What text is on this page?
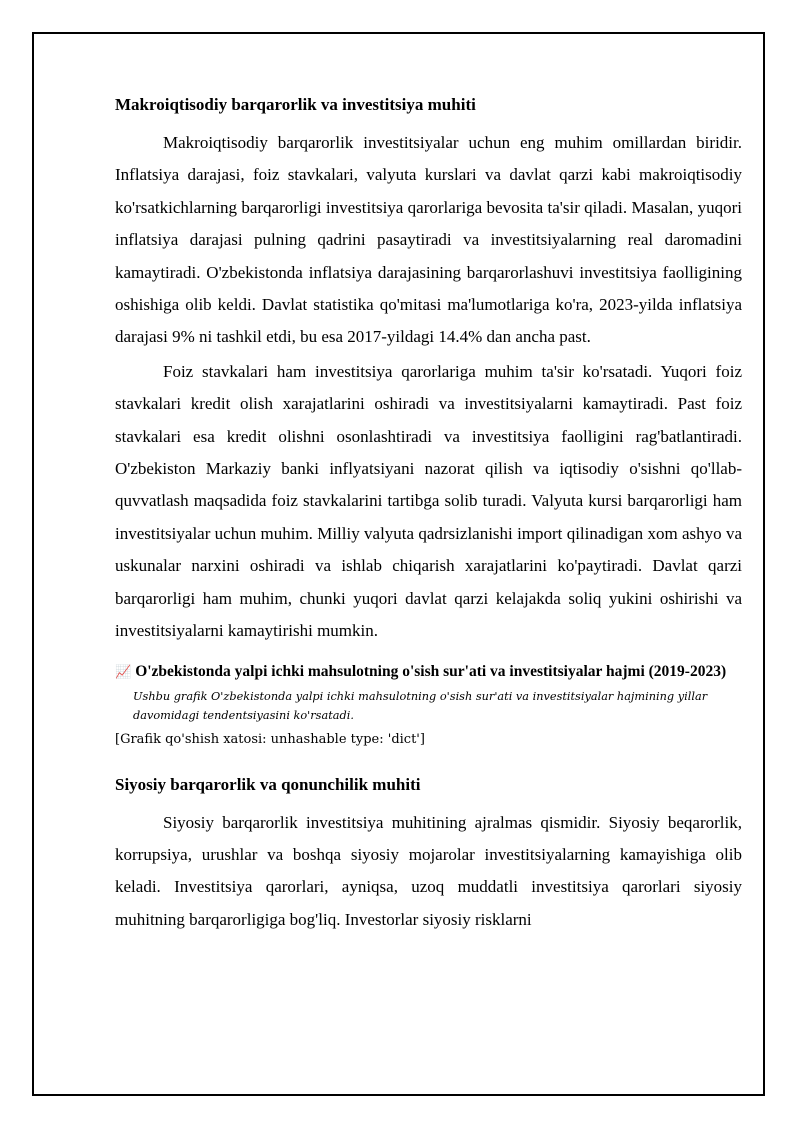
Makroiqtisodiy barqarorlik va investitsiya muhiti

Makroiqtisodiy barqarorlik investitsiyalar uchun eng muhim omillardan biridir. Inflatsiya darajasi, foiz stavkalari, valyuta kurslari va davlat qarzi kabi makroiqtisodiy ko'rsatkichlarning barqarorligi investitsiya qarorlariga bevosita ta'sir qiladi. Masalan, yuqori inflatsiya darajasi pulning qadrini pasaytiradi va investitsiyalarning real daromadini kamaytiradi. O'zbekistonda inflatsiya darajasining barqarorlashuvi investitsiya faolligining oshishiga olib keldi. Davlat statistika qo'mitasi ma'lumotlariga ko'ra, 2023-yilda inflatsiya darajasi 9% ni tashkil etdi, bu esa 2017-yildagi 14.4% dan ancha past.

Foiz stavkalari ham investitsiya qarorlariga muhim ta'sir ko'rsatadi. Yuqori foiz stavkalari kredit olish xarajatlarini oshiradi va investitsiyalarni kamaytiradi. Past foiz stavkalari esa kredit olishni osonlashtiradi va investitsiya faolligini rag'batlantiradi. O'zbekiston Markaziy banki inflyatsiyani nazorat qilish va iqtisodiy o'sishni qo'llab-quvvatlash maqsadida foiz stavkalarini tartibga solib turadi. Valyuta kursi barqarorligi ham investitsiyalar uchun muhim. Milliy valyuta qadrsizlanishi import qilinadigan xom ashyo va uskunalar narxini oshiradi va ishlab chiqarish xarajatlarini ko'paytiradi. Davlat qarzi barqarorligi ham muhim, chunki yuqori davlat qarzi kelajakda soliq yukini oshirishi va investitsiyalarni kamaytirishi mumkin.

📈 O'zbekistonda yalpi ichki mahsulotning o'sish sur'ati va investitsiyalar hajmi (2019-2023)
Ushbu grafik O'zbekistonda yalpi ichki mahsulotning o'sish sur'ati va investitsiyalar hajmining yillar davomidagi tendentsiyasini ko'rsatadi.
[Grafik qo'shish xatosi: unhashable type: 'dict']
Siyosiy barqarorlik va qonunchilik muhiti

Siyosiy barqarorlik investitsiya muhitining ajralmas qismidir. Siyosiy beqarorlik, korrupsiya, urushlar va boshqa siyosiy mojarolar investitsiyalarning kamayishiga olib keladi. Investitsiya qarorlari, ayniqsa, uzoq muddatli investitsiya qarorlari siyosiy muhitning barqarorligiga bog'liq. Investorlar siyosiy risklarni
